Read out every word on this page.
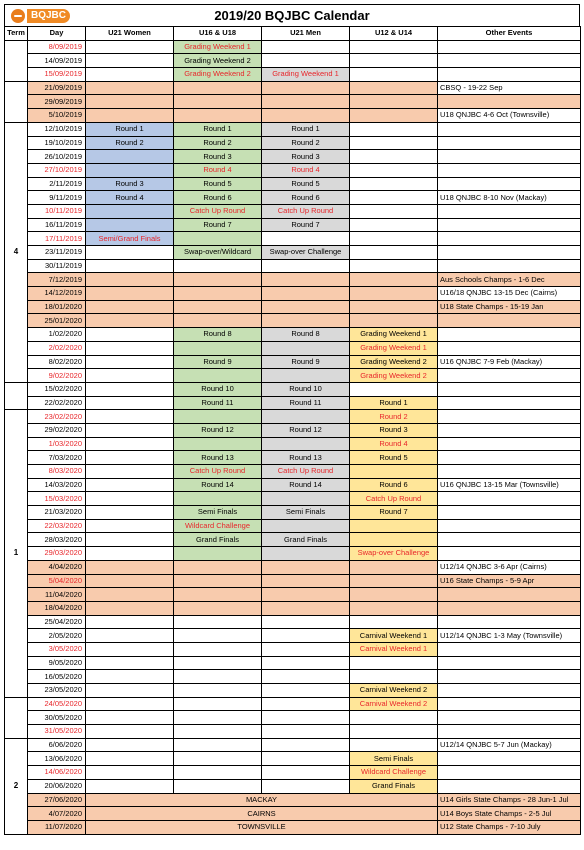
BQJBC	2019/20 BQJBC Calendar
Term	Day	U21 Women	U16 & U18	U21 Men	U12 & U14	Other Events
	8/09/2019		Grading Weekend 1			
	14/09/2019		Grading Weekend 2			
	15/09/2019		Grading Weekend 2	Grading Weekend 1		
	21/09/2019					CBSQ - 19-22 Sep
	29/09/2019					
	5/10/2019					U18 QNJBC 4-6 Oct (Townsville)
4	12/10/2019	Round 1	Round 1	Round 1		
	19/10/2019	Round 2	Round 2	Round 2		
	26/10/2019		Round 3	Round 3		
	27/10/2019		Round 4	Round 4		
	2/11/2019	Round 3	Round 5	Round 5		
	9/11/2019	Round 4	Round 6	Round 6		U18 QNJBC 8-10 Nov (Mackay)
	10/11/2019		Catch Up Round	Catch Up Round		
	16/11/2019		Round 7	Round 7		
	17/11/2019	Semi/Grand Finals				
	23/11/2019		Swap-over/Wildcard	Swap-over Challenge		
	30/11/2019					
	7/12/2019					Aus Schools Champs - 1-6 Dec
	14/12/2019					U16/18 QNJBC 13-15 Dec (Cairns)
	18/01/2020					U18 State Champs - 15-19 Jan
	25/01/2020					
	1/02/2020		Round 8	Round 8	Grading Weekend 1	
	2/02/2020				Grading Weekend 1	
	8/02/2020		Round 9	Round 9	Grading Weekend 2	U16 QNJBC 7-9 Feb (Mackay)
	9/02/2020				Grading Weekend 2	
	15/02/2020		Round 10	Round 10		
	22/02/2020		Round 11	Round 11	Round 1	
1	23/02/2020				Round 2	
	29/02/2020		Round 12	Round 12	Round 3	
	1/03/2020				Round 4	
	7/03/2020		Round 13	Round 13	Round 5	
	8/03/2020		Catch Up Round	Catch Up Round		
	14/03/2020		Round 14	Round 14	Round 6	U16 QNJBC 13-15 Mar (Townsville)
	15/03/2020				Catch Up Round	
	21/03/2020		Semi Finals	Semi Finals	Round 7	
	22/03/2020		Wildcard Challenge			
	28/03/2020		Grand Finals	Grand Finals		
	29/03/2020				Swap-over Challenge	
	4/04/2020					U12/14 QNJBC 3-6 Apr (Cairns)
	5/04/2020					U16 State Champs - 5-9 Apr
	11/04/2020					
	18/04/2020					
	25/04/2020					
	2/05/2020				Carnival Weekend 1	U12/14 QNJBC 1-3 May (Townsville)
	3/05/2020				Carnival Weekend 1	
	9/05/2020					
	16/05/2020					
	23/05/2020				Carnival Weekend 2	
	24/05/2020				Carnival Weekend 2	
	30/05/2020					
	31/05/2020					
2	6/06/2020					U12/14 QNJBC 5-7 Jun (Mackay)
	13/06/2020				Semi Finals	
	14/06/2020				Wildcard Challenge	
	20/06/2020				Grand Finals	
	27/06/2020	MACKAY				U14 Girls State Champs - 28 Jun-1 Jul
	4/07/2020	CAIRNS				U14 Boys State Champs - 2-5 Jul
	11/07/2020	TOWNSVILLE				U12 State Champs - 7-10 July
